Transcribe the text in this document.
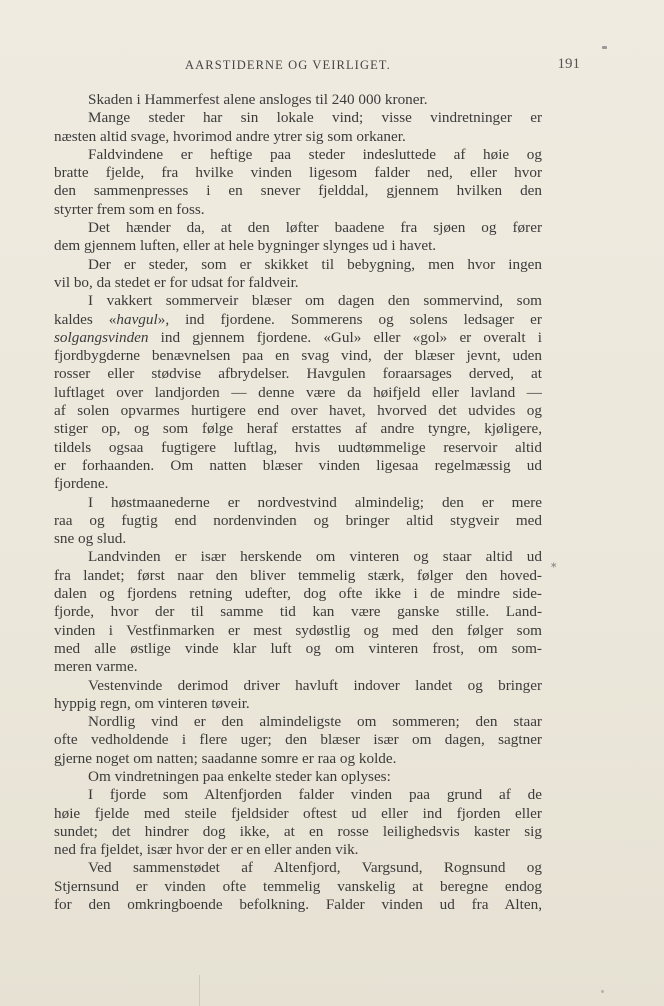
AARSTIDERNE OG VEIRLIGET.	191
Skaden i Hammerfest alene ansloges til 240 000 kroner.
Mange steder har sin lokale vind; visse vindretninger er
næsten altid svage, hvorimod andre ytrer sig som orkaner.
Faldvindene er heftige paa steder indesluttede af høie og
bratte fjelde, fra hvilke vinden ligesom falder ned, eller hvor
den sammenpresses i en snever fjelddal, gjennem hvilken den
styrter frem som en foss.
Det hænder da, at den løfter baadene fra sjøen og fører
dem gjennem luften, eller at hele bygninger slynges ud i havet.
Der er steder, som er skikket til bebygning, men hvor ingen
vil bo, da stedet er for udsat for faldveir.
I vakkert sommerveir blæser om dagen den sommervind, som
kaldes «havgul», ind fjordene. Sommerens og solens ledsager er
solgangsvinden ind gjennem fjordene. «Gul» eller «gol» er overalt i
fjordbygderne benævnelsen paa en svag vind, der blæser jevnt, uden
rosser eller stødvise afbrydelser. Havgulen foraarsages derved, at
luftlaget over landjorden — denne være da høifjeld eller lavland —
af solen opvarmes hurtigere end over havet, hvorved det udvides og
stiger op, og som følge heraf erstattes af andre tyngre, kjøligere,
tildels ogsaa fugtigere luftlag, hvis uudtømmelige reservoir altid
er forhaanden. Om natten blæser vinden ligesaa regelmæssig ud
fjordene.
I høstmaanederne er nordvestvind almindelig; den er mere
raa og fugtig end nordenvinden og bringer altid stygveir med
sne og slud.
Landvinden er især herskende om vinteren og staar altid ud
fra landet; først naar den bliver temmelig stærk, følger den hoved-
dalen og fjordens retning udefter, dog ofte ikke i de mindre side-
fjorde, hvor der til samme tid kan være ganske stille. Land-
vinden i Vestfinmarken er mest sydøstlig og med den følger som
med alle østlige vinde klar luft og om vinteren frost, om som-
meren varme.
Vestenvinde derimod driver havluft indover landet og bringer
hyppig regn, om vinteren tøveir.
Nordlig vind er den almindeligste om sommeren; den staar
ofte vedholdende i flere uger; den blæser især om dagen, sagtner
gjerne noget om natten; saadanne somre er raa og kolde.
Om vindretningen paa enkelte steder kan oplyses:
I fjorde som Altenfjorden falder vinden paa grund af de
høie fjelde med steile fjeldsider oftest ud eller ind fjorden eller
sundet; det hindrer dog ikke, at en rosse leilighedsvis kaster sig
ned fra fjeldet, især hvor der er en eller anden vik.
Ved sammenstødet af Altenfjord, Vargsund, Rognsund og
Stjernsund er vinden ofte temmelig vanskelig at beregne endog
for den omkringboende befolkning. Falder vinden ud fra Alten,
*
